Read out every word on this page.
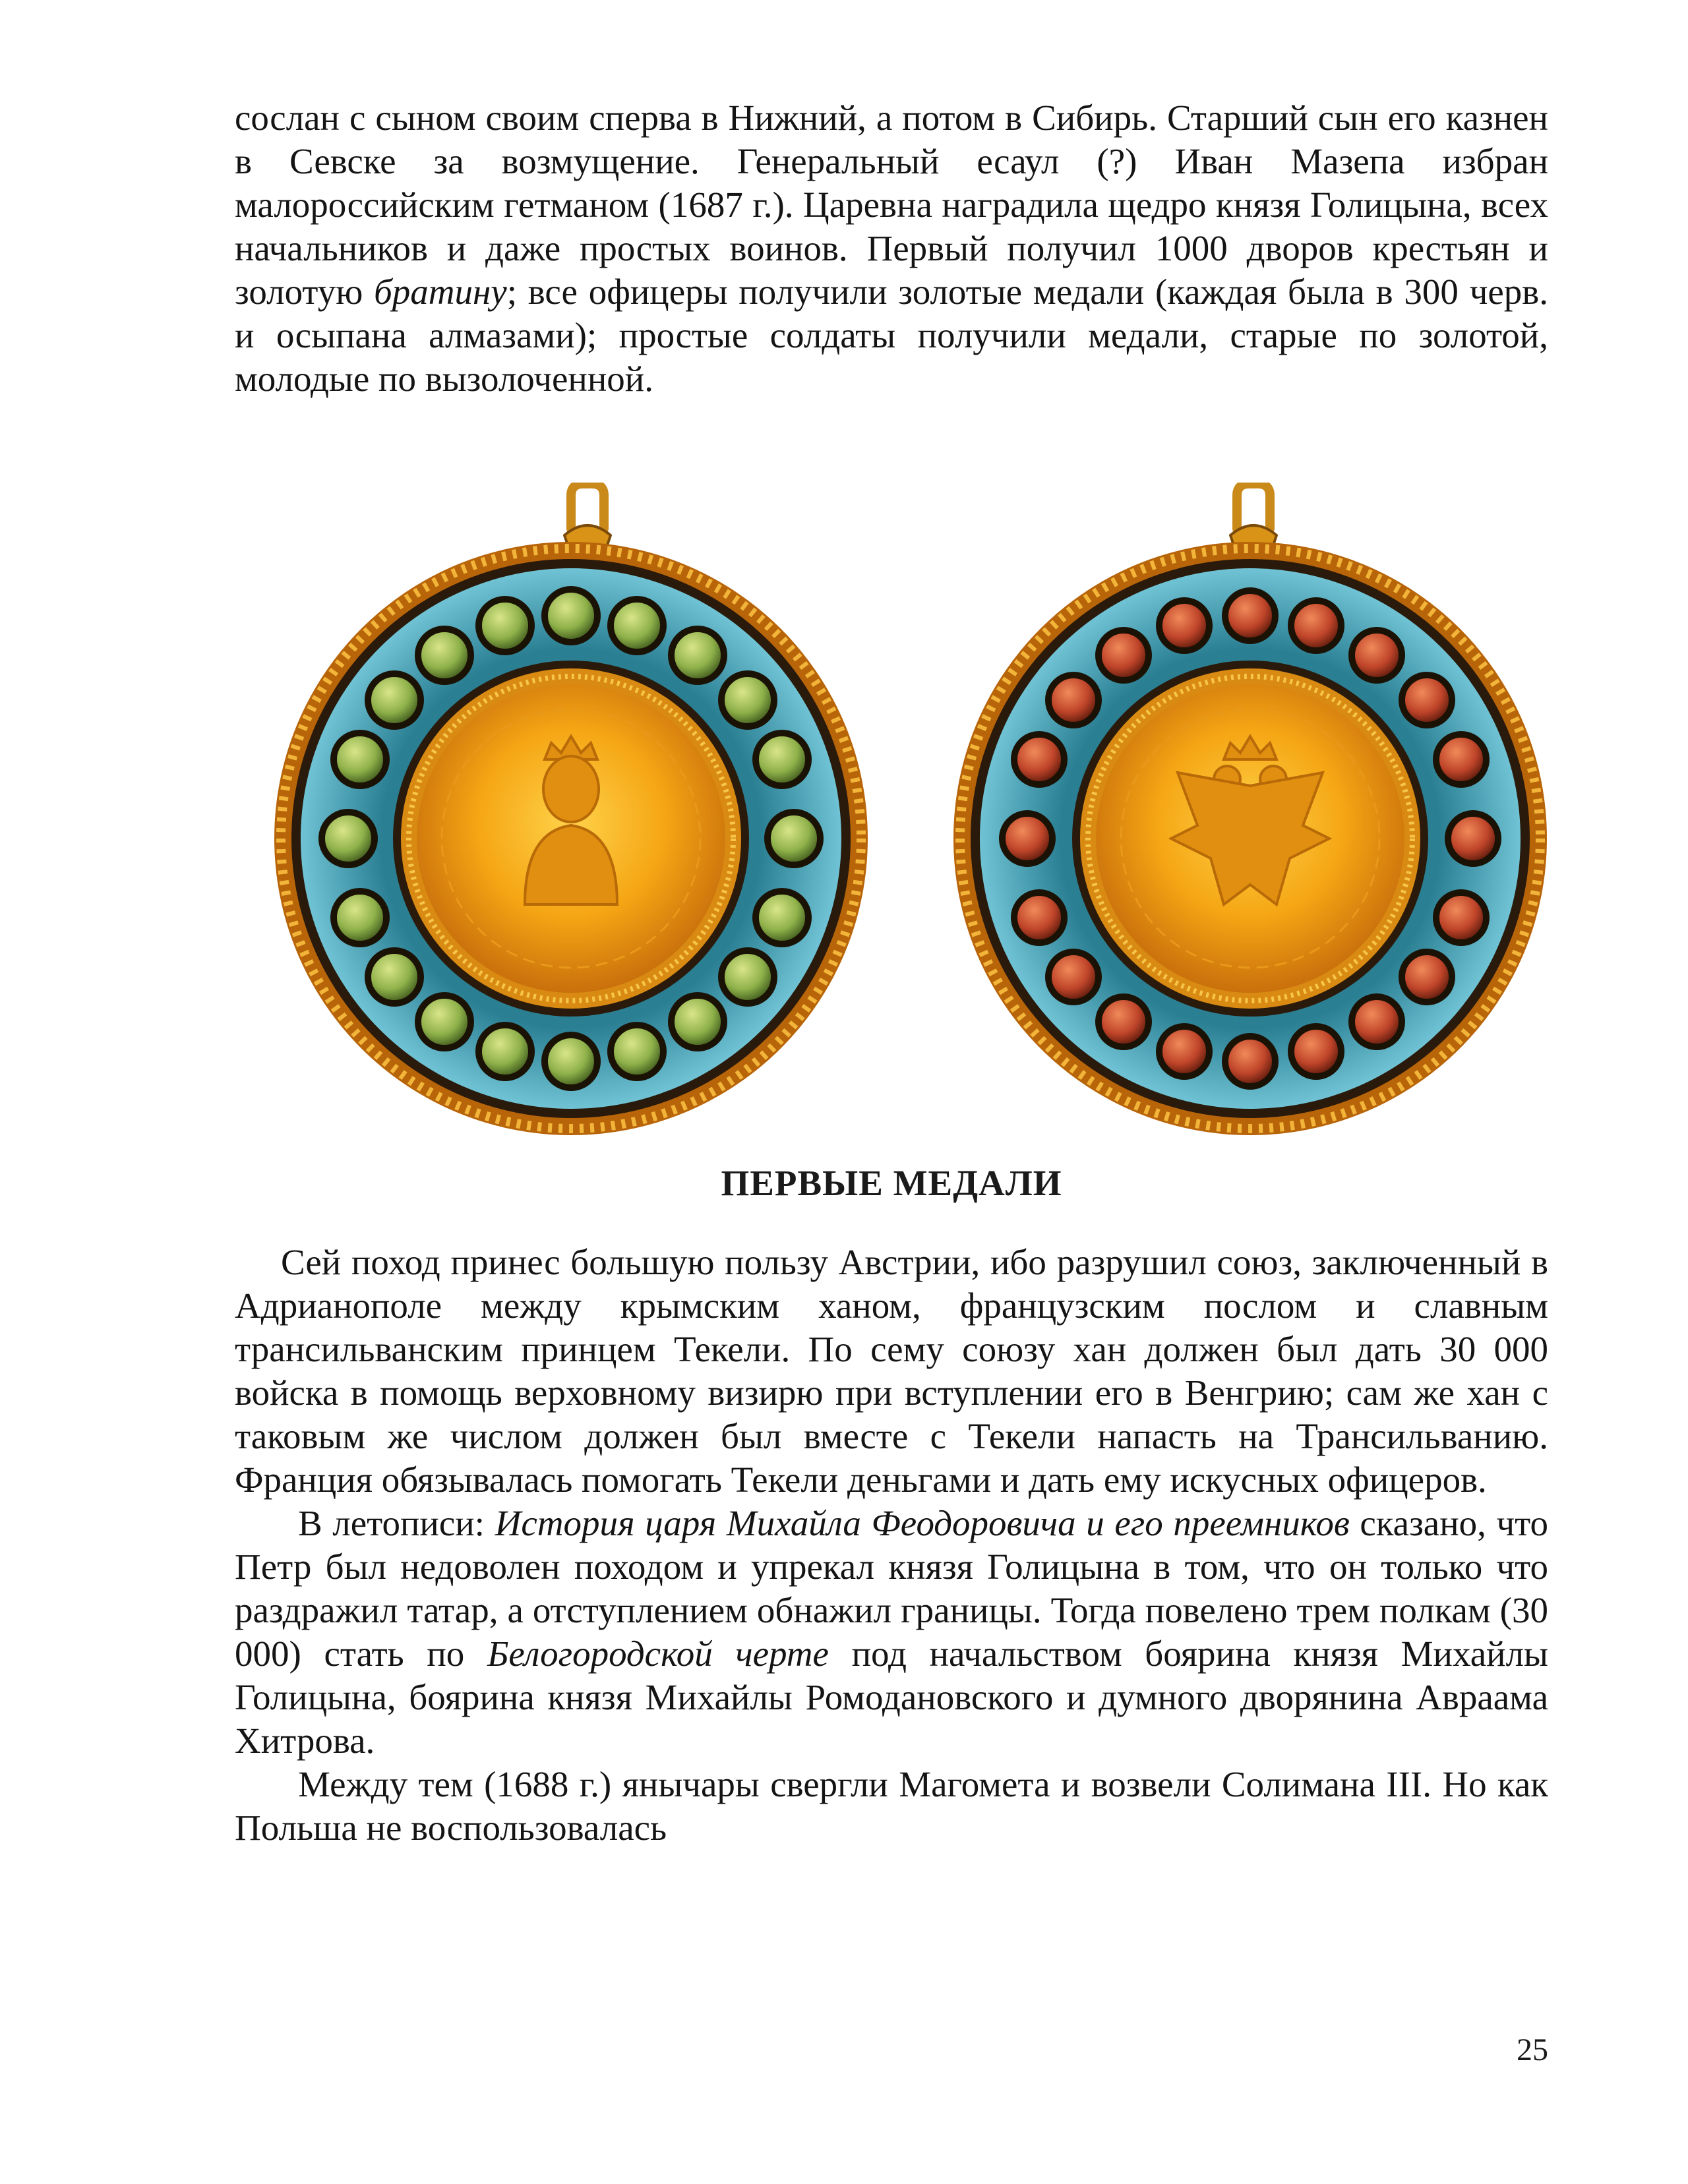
сослан с сыном своим сперва в Нижний, а потом в Сибирь. Старший сын его казнен в Севске за возмущение. Генеральный есаул (?) Иван Мазепа избран малороссийским гетманом (1687 г.). Царевна наградила щедро князя Голицына, всех начальников и даже простых воинов. Первый получил 1000 дворов крестьян и золотую братину; все офицеры получили золотые медали (каждая была в 300 черв. и осыпана алмазами); простые солдаты получили медали, старые по золотой, молодые по вызолоченной.

ПЕРВЫЕ МЕДАЛИ

Сей поход принес большую пользу Австрии, ибо разрушил союз, заключенный в Адрианополе между крымским ханом, французским послом и славным трансильванским принцем Текели. По сему союзу хан должен был дать 30 000 войска в помощь верховному визирю при вступлении его в Венгрию; сам же хан с таковым же числом должен был вместе с Текели напасть на Трансильванию. Франция обязывалась помогать Текели деньгами и дать ему искусных офицеров.

В летописи: История царя Михайла Феодоровича и его преемников сказано, что Петр был недоволен походом и упрекал князя Голицына в том, что он только что раздражил татар, а отступлением обнажил границы. Тогда повелено трем полкам (30 000) стать по Белогородской черте под начальством боярина князя Михайлы Голицына, боярина князя Михайлы Ромодановского и думного дворянина Авраама Хитрова.

Между тем (1688 г.) янычары свергли Магомета и возвели Солимана III. Но как Польша не воспользовалась

25
